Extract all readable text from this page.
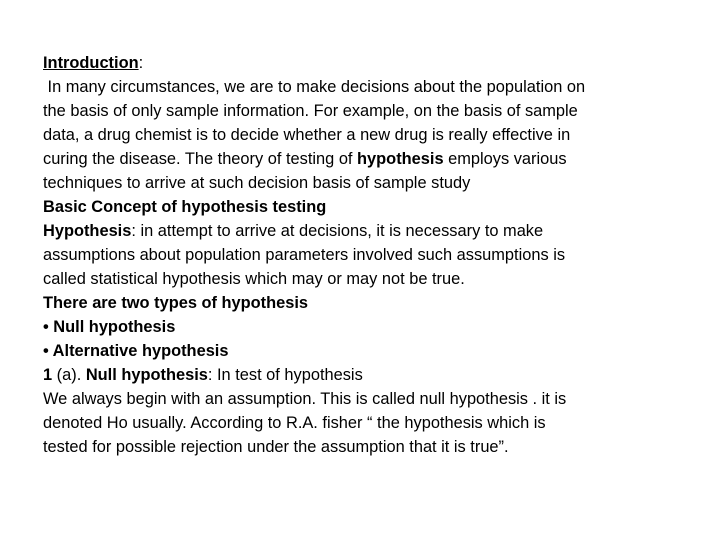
Introduction:
In many circumstances, we are to make decisions about the population on
the basis of only sample information. For example, on the basis of sample
data, a drug chemist is to decide whether a new drug is really effective in
curing the disease. The theory of testing of hypothesis employs various
techniques to arrive at such decision basis of sample study
Basic Concept of hypothesis testing
Hypothesis: in attempt to arrive at decisions, it is necessary to make
assumptions about population parameters involved such assumptions is
called statistical hypothesis which may or may not be true.
There are two types of hypothesis
• Null hypothesis
• Alternative hypothesis
1 (a). Null hypothesis: In test of hypothesis
We always begin with an assumption. This is called null hypothesis . it is
denoted Ho usually. According to R.A. fisher “ the hypothesis which is
tested for possible rejection under the assumption that it is true”.
